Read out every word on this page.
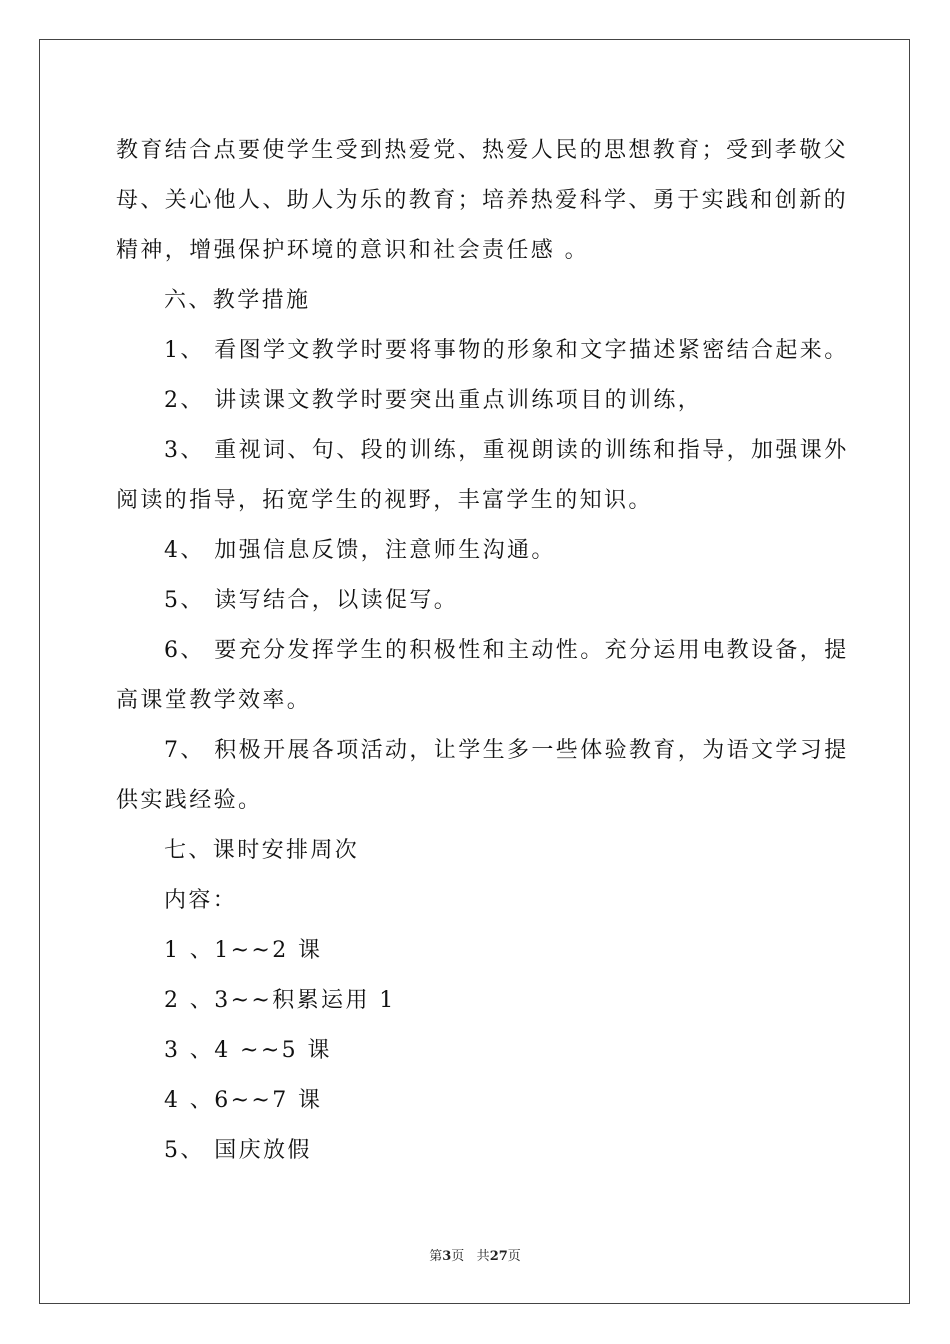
教育结合点要使学生受到热爱党、热爱人民的思想教育；受到孝敬父
母、关心他人、助人为乐的教育；培养热爱科学、勇于实践和创新的
精神，增强保护环境的意识和社会责任感 。
六、教学措施
1、 看图学文教学时要将事物的形象和文字描述紧密结合起来。
2、 讲读课文教学时要突出重点训练项目的训练，
3、 重视词、句、段的训练，重视朗读的训练和指导，加强课外
阅读的指导，拓宽学生的视野，丰富学生的知识。
4、 加强信息反馈，注意师生沟通。
5、 读写结合，以读促写。
6、 要充分发挥学生的积极性和主动性。充分运用电教设备，提
高课堂教学效率。
7、 积极开展各项活动，让学生多一些体验教育，为语文学习提
供实践经验。
七、课时安排周次
内容：
1 、1~~2 课
2 、3~~积累运用 1
3 、4 ~~5 课
4 、6~~7 课
5、 国庆放假
第3页 共27页
